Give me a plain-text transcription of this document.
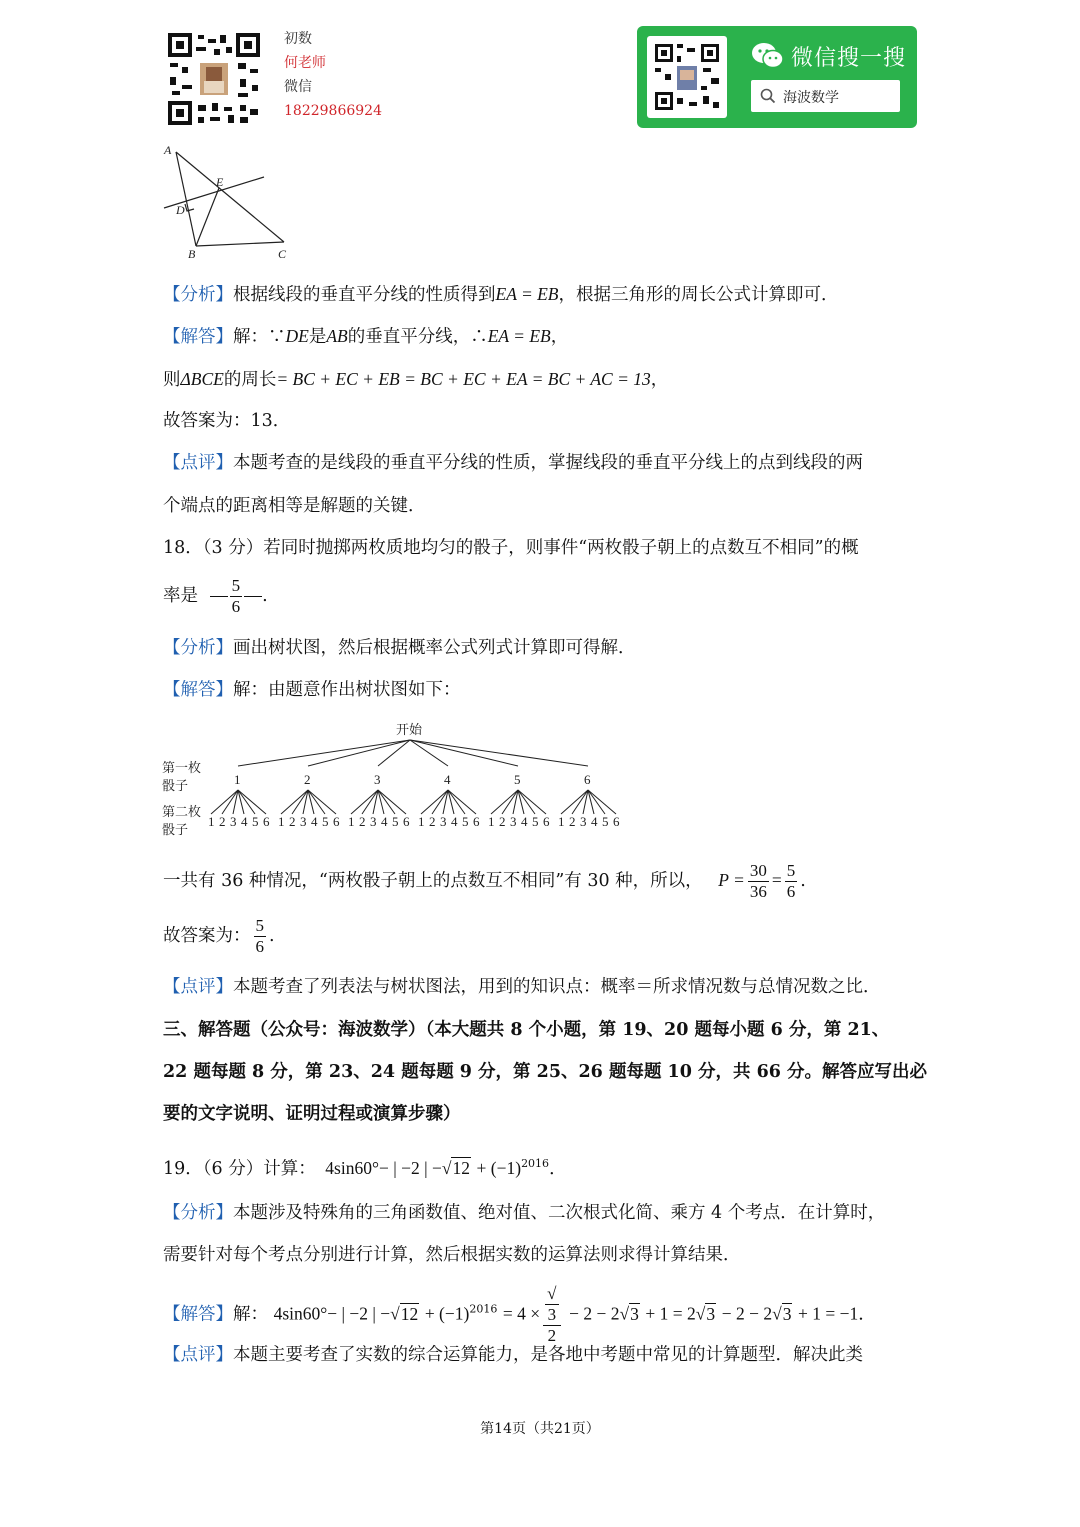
初数
何老师
微信
18229866924
微信搜一搜
海波数学
A
E
D
B	C
【分析】根据线段的垂直平分线的性质得到EA = EB，根据三角形的周长公式计算即可．
【解答】解：∵DE是AB的垂直平分线，∴EA = EB，
则ΔBCE的周长= BC + EC + EB = BC + EC + EA = BC + AC = 13，
故答案为：13．
【点评】本题考查的是线段的垂直平分线的性质，掌握线段的垂直平分线上的点到线段的两
个端点的距离相等是解题的关键．
18．（3 分）若同时抛掷两枚质地均匀的骰子，则事件“两枚骰子朝上的点数互不相同”的概
率是 $\frac{5}{6}$ .
【分析】画出树状图，然后根据概率公式列式计算即可得解．
【解答】解：由题意作出树状图如下：
开始
第一枚
骰子
第二枚
骰子
1
1 2 3 4 5 6
2
1 2 3 4 5 6
3
1 2 3 4 5 6
4
1 2 3 4 5 6
5
1 2 3 4 5 6
6
1 2 3 4 5 6
一共有 36 种情况，“两枚骰子朝上的点数互不相同”有 30 种，所以， $P = \frac{30}{36} = \frac{5}{6}$ .
故答案为： $\frac{5}{6}$ .
【点评】本题考查了列表法与树状图法，用到的知识点：概率＝所求情况数与总情况数之比．
三、解答题（公众号：海波数学）（本大题共 8 个小题，第 19、20 题每小题 6 分，第 21、
22 题每题 8 分，第 23、24 题每题 9 分，第 25、26 题每题 10 分，共 66 分。解答应写出必
要的文字说明、证明过程或演算步骤）
19．（6 分）计算： 4sin60°− | −2 | $-√12 + (-1)^{2016}$．
【分析】本题涉及特殊角的三角函数值、绝对值、二次根式化简、乘方 4 个考点．在计算时，
需要针对每个考点分别进行计算，然后根据实数的运算法则求得计算结果．
【解答】解： 4sin60°− | −2 | $-√12 + (-1)^{2016} = 4$ × √
3
2 − 2 − 2√3 + 1 = 2√3 − 2 − 2√3 + 1 = −1．
【点评】本题主要考查了实数的综合运算能力，是各地中考题中常见的计算题型．解决此类
第14页（共21页）
